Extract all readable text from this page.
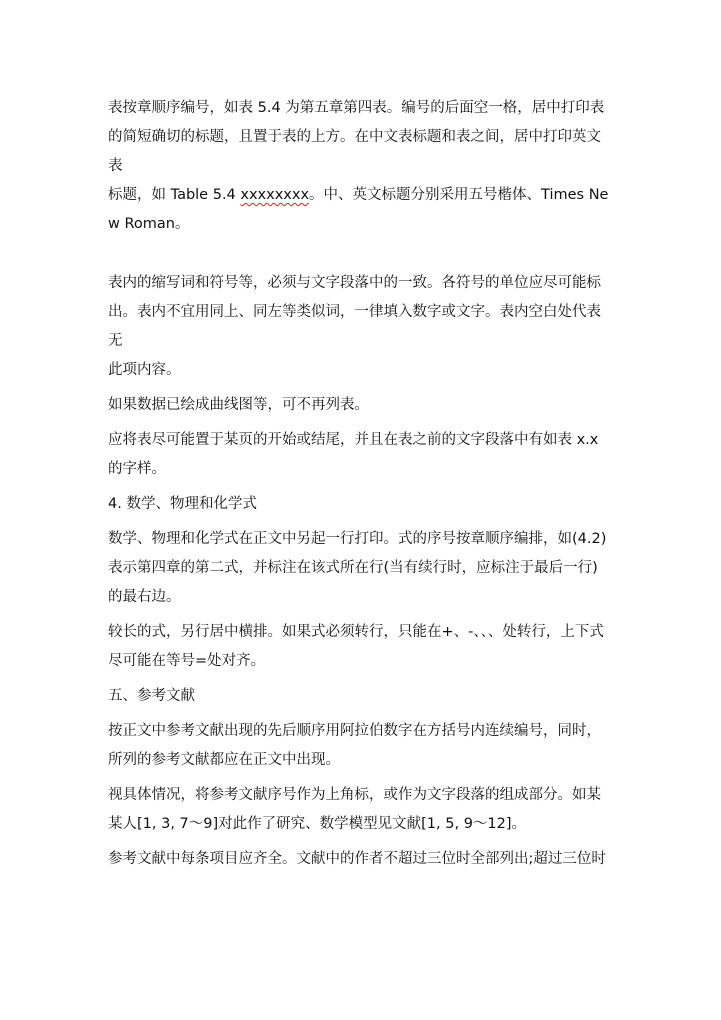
表按章顺序编号，如表 5.4 为第五章第四表。编号的后面空一格，居中打印表
的简短确切的标题，且置于表的上方。在中文表标题和表之间，居中打印英文表
标题，如 Table 5.4 xxxxxxxx。中、英文标题分别采用五号楷体、Times New Roman。
表内的缩写词和符号等，必须与文字段落中的一致。各符号的单位应尽可能标
出。表内不宜用同上、同左等类似词，一律填入数字或文字。表内空白处代表无
此项内容。
如果数据已绘成曲线图等，可不再列表。
应将表尽可能置于某页的开始或结尾，并且在表之前的文字段落中有如表 x.x
的字样。
4. 数学、物理和化学式
数学、物理和化学式在正文中另起一行打印。式的序号按章顺序编排，如(4.2)
表示第四章的第二式，并标注在该式所在行(当有续行时，应标注于最后一行)
的最右边。
较长的式，另行居中横排。如果式必须转行，只能在+、-、、、处转行，上下式
尽可能在等号=处对齐。
五、参考文献
按正文中参考文献出现的先后顺序用阿拉伯数字在方括号内连续编号，同时，
所列的参考文献都应在正文中出现。
视具体情况，将参考文献序号作为上角标，或作为文字段落的组成部分。如某
某人[1, 3, 7～9]对此作了研究、数学模型见文献[1, 5, 9～12]。
参考文献中每条项目应齐全。文献中的作者不超过三位时全部列出;超过三位时
